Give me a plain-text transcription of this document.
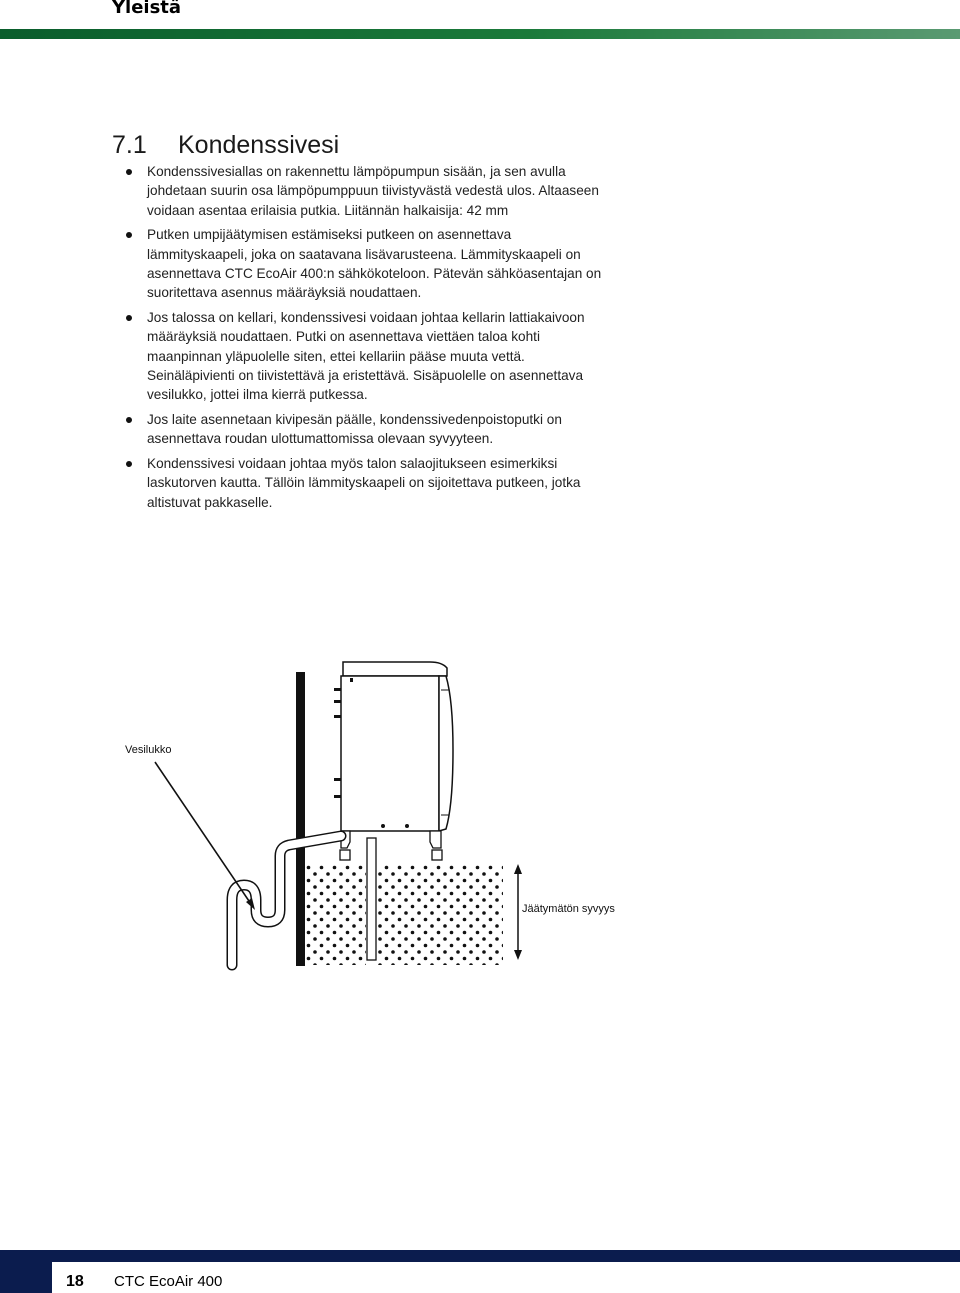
Yleistä
7.1 Kondenssivesi
Kondenssivesiallas on rakennettu lämpöpumpun sisään, ja sen avulla johdetaan suurin osa lämpöpumppuun tiivistyvästä vedestä ulos. Altaaseen voidaan asentaa erilaisia putkia. Liitännän halkaisija: 42 mm
Putken umpijäätymisen estämiseksi putkeen on asennettava lämmityskaapeli, joka on saatavana lisävarusteena. Lämmityskaapeli on asennettava CTC EcoAir 400:n sähkökoteloon. Pätevän sähköasentajan on suoritettava asennus määräyksiä noudattaen.
Jos talossa on kellari, kondenssivesi voidaan johtaa kellarin lattiakaivoon määräyksiä noudattaen. Putki on asennettava viettäen taloa kohti maanpinnan yläpuolelle siten, ettei kellariin pääse muuta vettä. Seinäläpivienti on tiivistettävä ja eristettävä. Sisäpuolelle on asennettava vesilukko, jottei ilma kierrä putkessa.
Jos laite asennetaan kivipesän päälle, kondenssivedenpoistoputki on asennettava roudan ulottumattomissa olevaan syvyyteen.
Kondenssivesi voidaan johtaa myös talon salaojitukseen esimerkiksi laskutorven kautta. Tällöin lämmityskaapeli on sijoitettava putkeen, jotka altistuvat pakkaselle.
Vesilukko
Jäätymätön syvyys
18 CTC EcoAir 400
